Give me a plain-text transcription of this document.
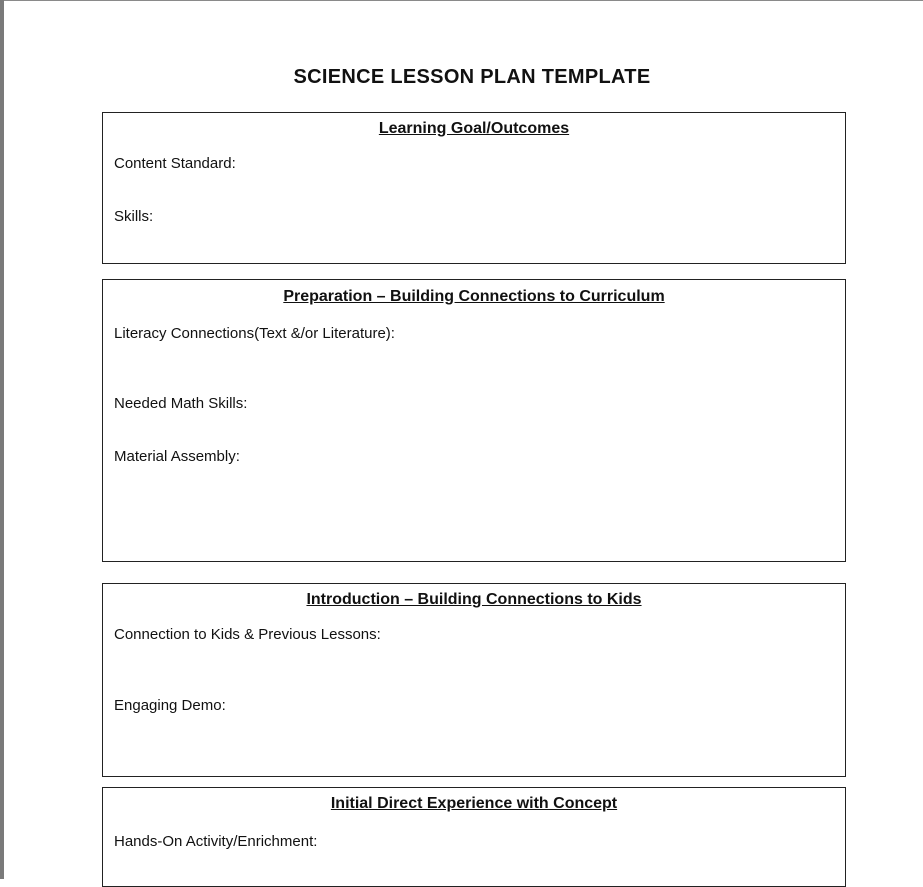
SCIENCE LESSON PLAN TEMPLATE
Learning Goal/Outcomes
Content Standard:
Skills:
Preparation – Building Connections to Curriculum
Literacy Connections(Text &/or Literature):
Needed Math Skills:
Material Assembly:
Introduction – Building Connections to Kids
Connection to Kids & Previous Lessons:
Engaging Demo:
Initial Direct Experience with Concept
Hands-On Activity/Enrichment:
